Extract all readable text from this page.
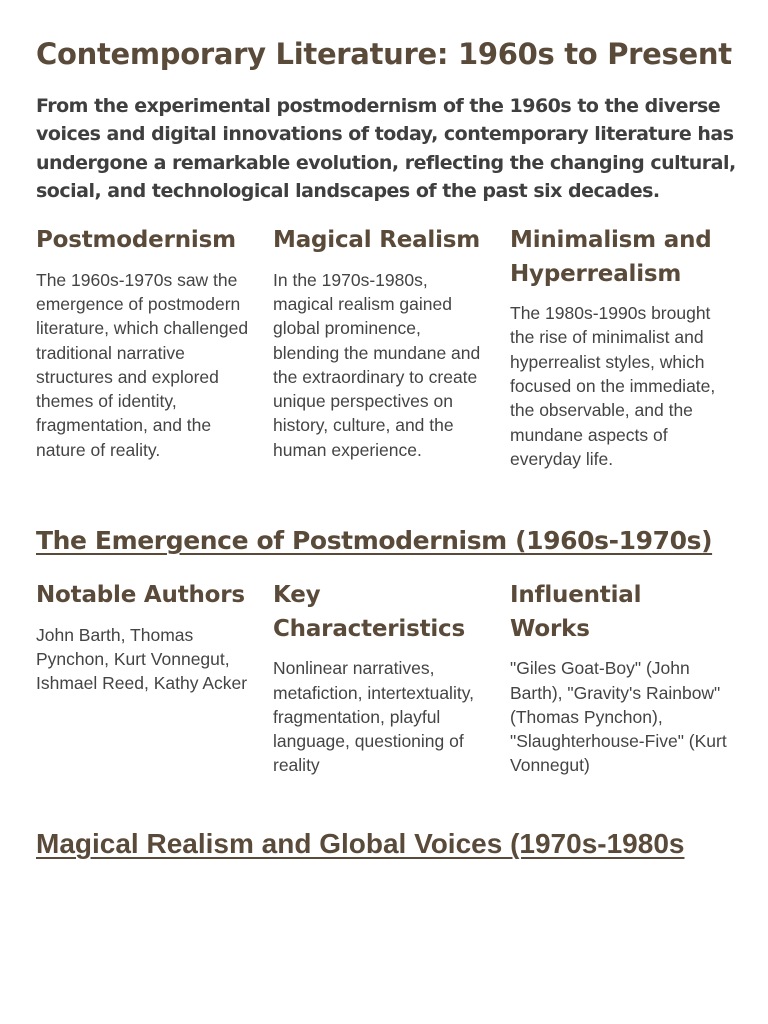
Contemporary Literature: 1960s to Present

From the experimental postmodernism of the 1960s to the diverse voices and digital innovations of today, contemporary literature has undergone a remarkable evolution, reflecting the changing cultural, social, and technological landscapes of the past six decades.

Postmodernism

The 1960s-1970s saw the emergence of postmodern literature, which challenged traditional narrative structures and explored themes of identity, fragmentation, and the nature of reality.

Magical Realism

In the 1970s-1980s, magical realism gained global prominence, blending the mundane and the extraordinary to create unique perspectives on history, culture, and the human experience.

Minimalism and Hyperrealism

The 1980s-1990s brought the rise of minimalist and hyperrealist styles, which focused on the immediate, the observable, and the mundane aspects of everyday life.

The Emergence of Postmodernism (1960s-1970s)
Notable Authors

John Barth, Thomas Pynchon, Kurt Vonnegut, Ishmael Reed, Kathy Acker

Key Characteristics

Nonlinear narratives, metafiction, intertextuality, fragmentation, playful language, questioning of reality

Influential Works

"Giles Goat-Boy" (John Barth), "Gravity's Rainbow" (Thomas Pynchon), "Slaughterhouse-Five" (Kurt Vonnegut)

Magical Realism and Global Voices (1970s-1980s
